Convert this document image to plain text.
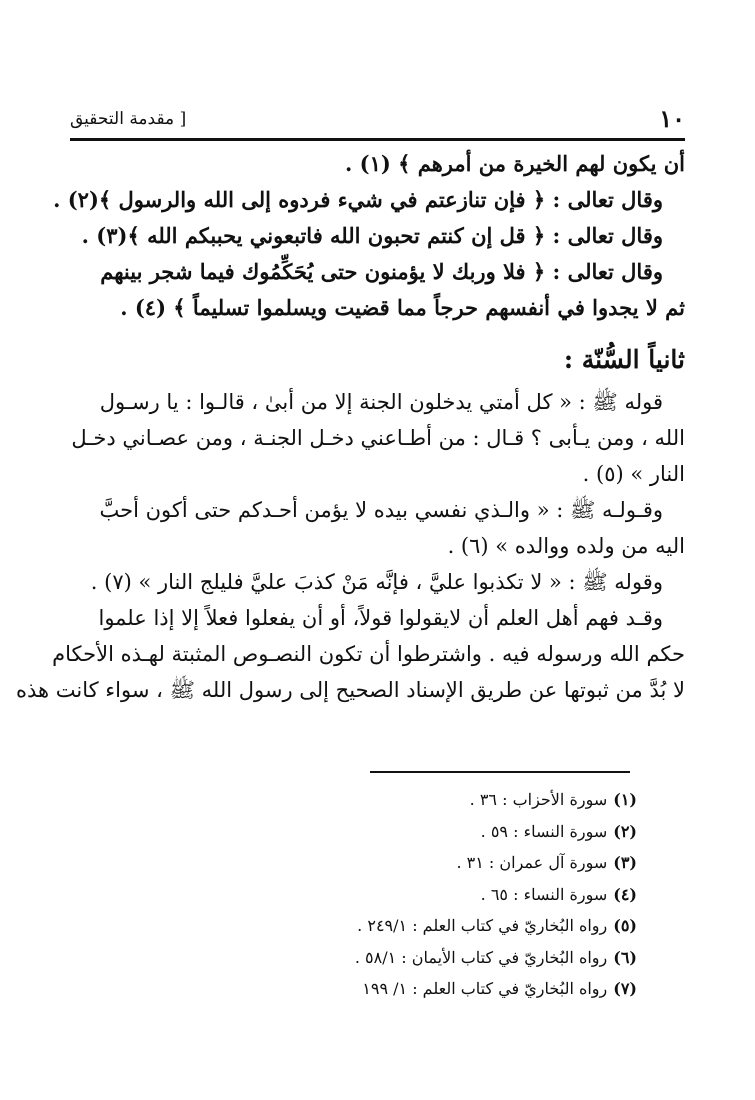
١٠
[ مقدمة التحقيق

أن يكون لهم الخيرة من أمرهم ﴾ (١) .

وقال تعالى : ﴿ فإن تنازعتم في شيء فردوه إلى الله والرسول ﴾(٢) .

وقال تعالى : ﴿ قل إن كنتم تحبون الله فاتبعوني يحببكم الله ﴾(٣) .

وقال تعالى : ﴿ فلا وربك لا يؤمنون حتى يُحَكِّمُوك فيما شجر بينهم

ثم لا يجدوا في أنفسهم حرجاً مما قضيت ويسلموا تسليماً ﴾ (٤) .

ثانياً السُّنّة :

قوله ﷺ : « كل أمتي يدخلون الجنة إلا من أبىٰ ، قالـوا : يا رسـول

الله ، ومن يـأبى ؟ قـال : من أطـاعني دخـل الجنـة ، ومن عصـاني دخـل

النار » (٥) .

وقـولـه ﷺ : « والـذي نفسي بيده لا يؤمن أحـدكم حتى أكون أحبَّ

اليه من ولده ووالده » (٦) .

وقوله ﷺ : « لا تكذبوا عليَّ ، فإنَّه مَنْ كذبَ عليَّ فليلج النار » (٧) .

وقـد فهم أهل العلم أن لايقولوا قولاً، أو أن يفعلوا فعلاً إلا إذا علموا

حكم الله ورسوله فيه . واشترطوا أن تكون النصـوص المثبتة لهـذه الأحكام

لا بُدَّ من ثبوتها عن طريق الإسناد الصحيح إلى رسول الله ﷺ ، سواء كانت هذه

(١)سورة الأحزاب : ٣٦ .

(٢)سورة النساء : ٥٩ .

(٣)سورة آل عمران : ٣١ .

(٤)سورة النساء : ٦٥ .

(٥)رواه البُخاريّ في كتاب العلم : ٢٤٩/١ .

(٦)رواه البُخاريّ في كتاب الأيمان : ٥٨/١ .

(٧)رواه البُخاريّ في كتاب العلم : ١/ ١٩٩
